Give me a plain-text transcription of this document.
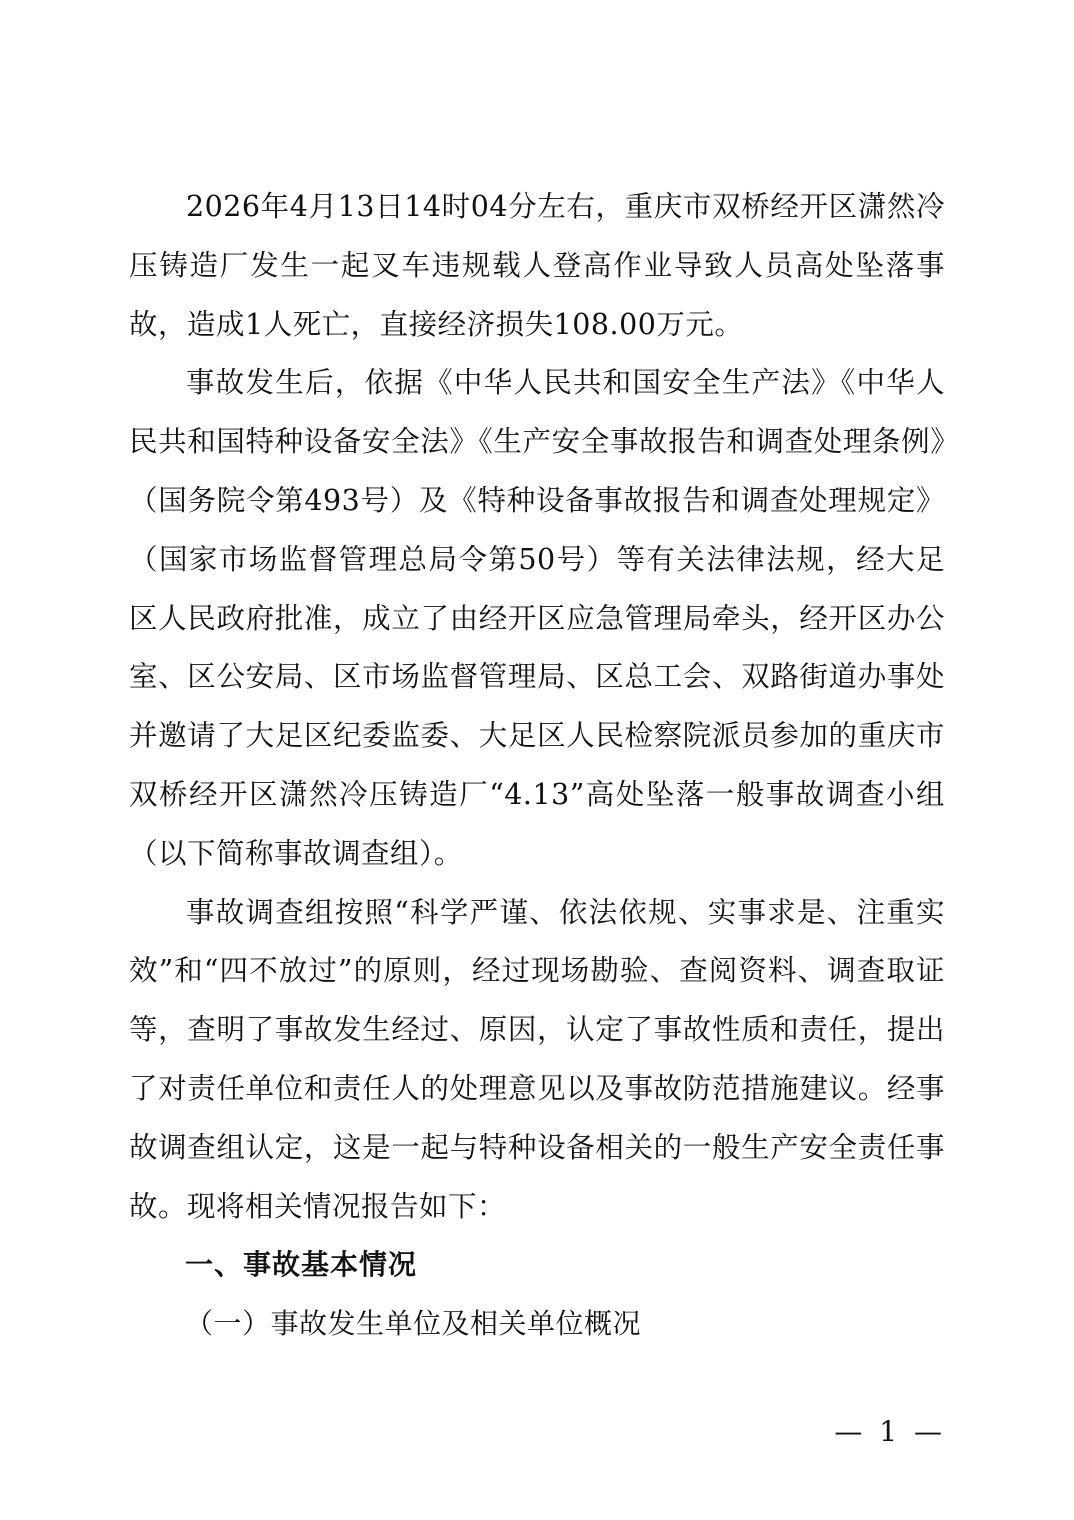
2026年4月13日14时04分左右，重庆市双桥经开区潇然冷压铸造厂发生一起叉车违规载人登高作业导致人员高处坠落事故，造成1人死亡，直接经济损失108.00万元。

事故发生后，依据《中华人民共和国安全生产法》《中华人民共和国特种设备安全法》《生产安全事故报告和调查处理条例》（国务院令第493号）及《特种设备事故报告和调查处理规定》（国家市场监督管理总局令第50号）等有关法律法规，经大足区人民政府批准，成立了由经开区应急管理局牵头，经开区办公室、区公安局、区市场监督管理局、区总工会、双路街道办事处并邀请了大足区纪委监委、大足区人民检察院派员参加的重庆市双桥经开区潇然冷压铸造厂“4.13”高处坠落一般事故调查小组（以下简称事故调查组）。

事故调查组按照“科学严谨、依法依规、实事求是、注重实效”和“四不放过”的原则，经过现场勘验、查阅资料、调查取证等，查明了事故发生经过、原因，认定了事故性质和责任，提出了对责任单位和责任人的处理意见以及事故防范措施建议。经事故调查组认定，这是一起与特种设备相关的一般生产安全责任事故。现将相关情况报告如下：

一、事故基本情况

（一）事故发生单位及相关单位概况

— 1 —
